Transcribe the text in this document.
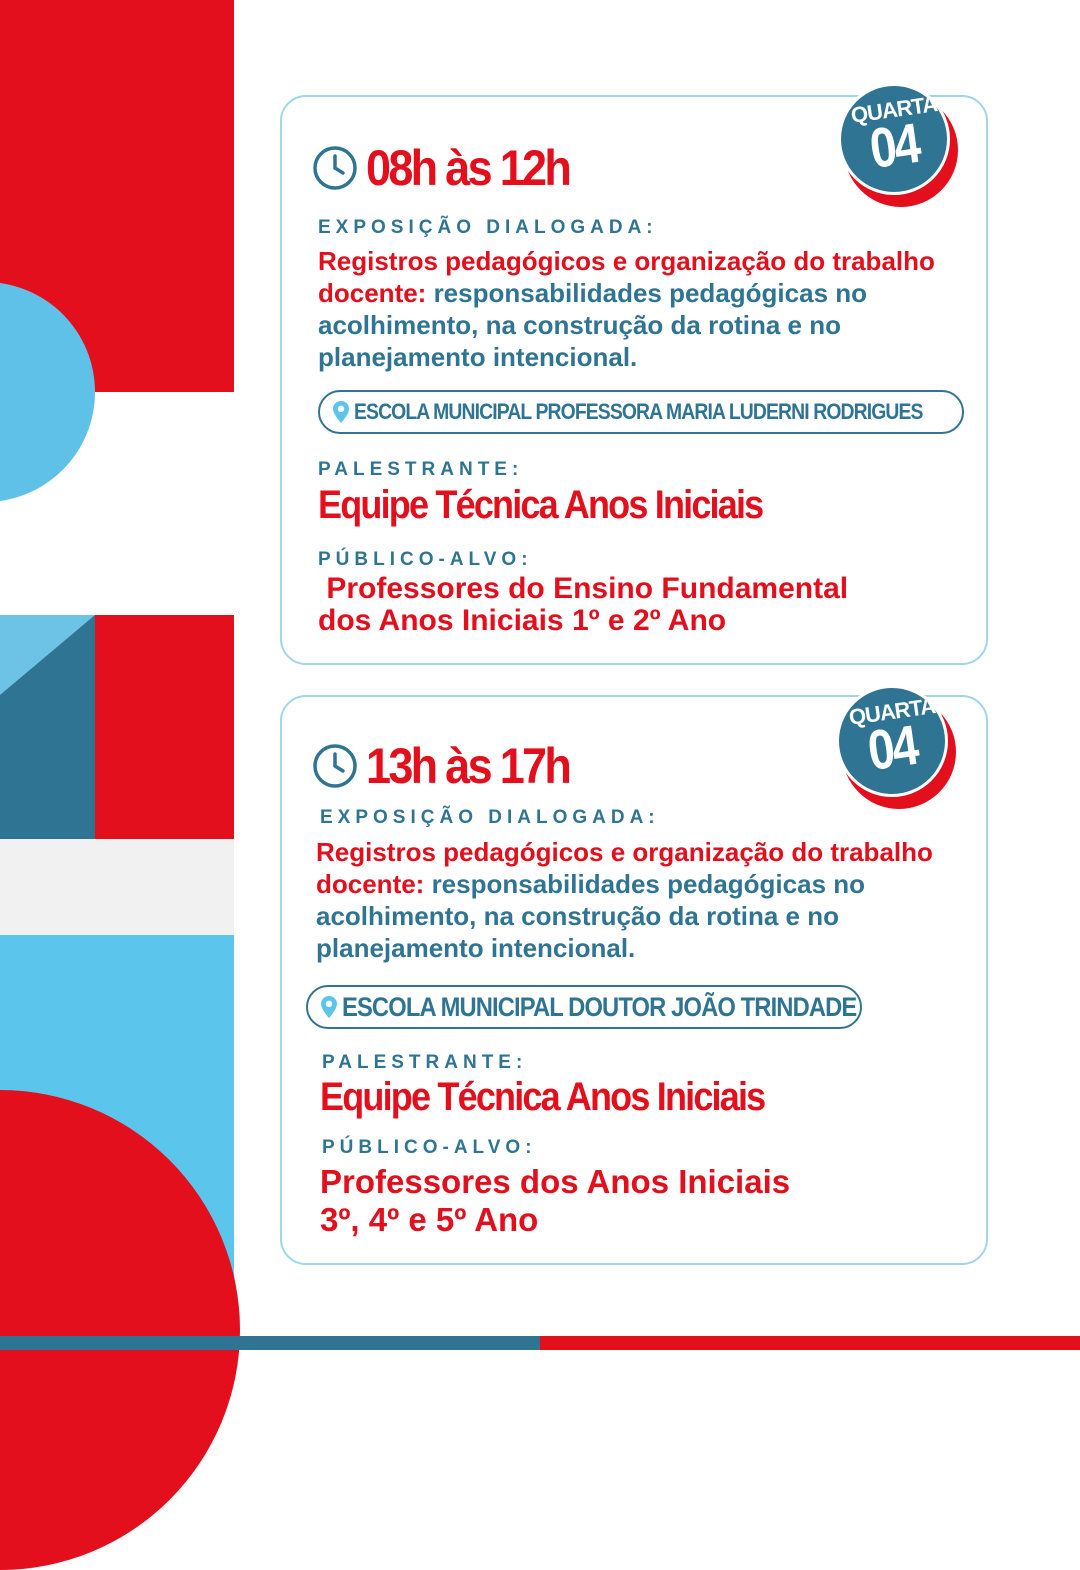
QUARTA
04
08h às 12h
EXPOSIÇÃO DIALOGADA:
Registros pedagógicos e organização do trabalho docente: responsabilidades pedagógicas no acolhimento, na construção da rotina e no planejamento intencional.
ESCOLA MUNICIPAL PROFESSORA MARIA LUDERNI RODRIGUES
PALESTRANTE:
Equipe Técnica Anos Iniciais
PÚBLICO-ALVO:
Professores do Ensino Fundamental
dos Anos Iniciais 1º e 2º Ano
QUARTA
04
13h às 17h
EXPOSIÇÃO DIALOGADA:
Registros pedagógicos e organização do trabalho docente: responsabilidades pedagógicas no acolhimento, na construção da rotina e no planejamento intencional.
ESCOLA MUNICIPAL DOUTOR JOÃO TRINDADE
PALESTRANTE:
Equipe Técnica Anos Iniciais
PÚBLICO-ALVO:
Professores dos Anos Iniciais
3º, 4º e 5º Ano
